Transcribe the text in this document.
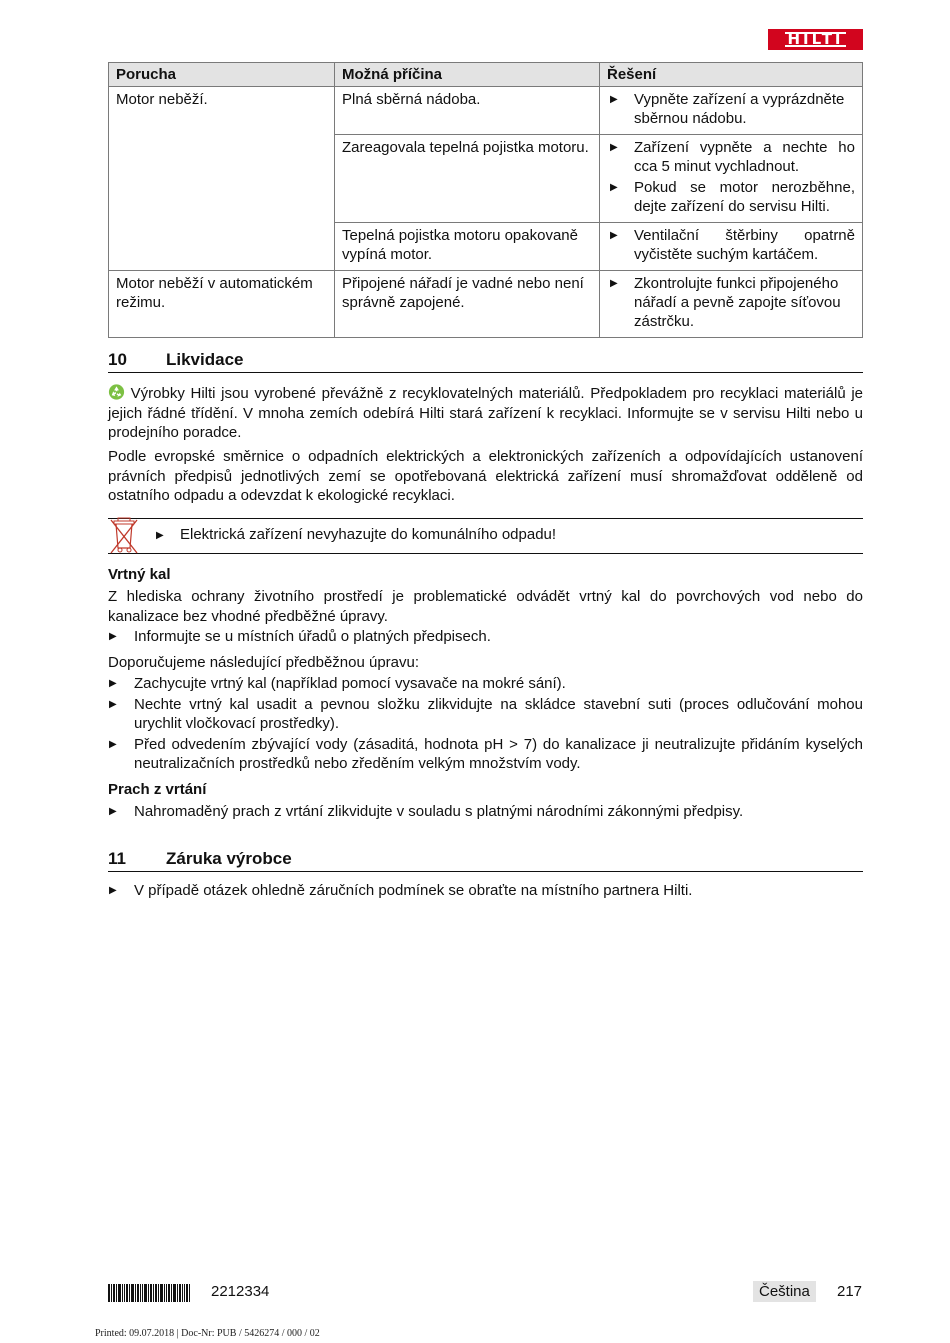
HILTI
Porucha	Možná příčina	Řešení
Motor neběží.	Plná sběrná nádoba.	▶ Vypněte zařízení a vyprázdněte sběrnou nádobu.

	Zareagovala tepelná pojistka motoru.	▶ Zařízení vypněte a nechte ho cca 5 minut vychladnout.
▶ Pokud se motor nerozběhne, dejte zařízení do servisu Hilti.

	Tepelná pojistka motoru opakovaně vypíná motor.	▶ Ventilační štěrbiny opatrně vyčistěte suchým kartáčem.

Motor neběží v automatickém režimu.	Připojené nářadí je vadné nebo není správně zapojené.	▶ Zkontrolujte funkci připojeného nářadí a pevně zapojte síťovou zástrčku.
10 Likvidace
Výrobky Hilti jsou vyrobené převážně z recyklovatelných materiálů. Předpokladem pro recyklaci materiálů je jejich řádné třídění. V mnoha zemích odebírá Hilti stará zařízení k recyklaci. Informujte se v servisu Hilti nebo u prodejního poradce.
Podle evropské směrnice o odpadních elektrických a elektronických zařízeních a odpovídajících ustanovení právních předpisů jednotlivých zemí se opotřebovaná elektrická zařízení musí shromažďovat odděleně od ostatního odpadu a odevzdat k ekologické recyklaci.
▶	Elektrická zařízení nevyhazujte do komunálního odpadu!
Vrtný kal
Z hlediska ochrany životního prostředí je problematické odvádět vrtný kal do povrchových vod nebo do kanalizace bez vhodné předběžné úpravy.
▶	Informujte se u místních úřadů o platných předpisech.
Doporučujeme následující předběžnou úpravu:
▶	Zachycujte vrtný kal (například pomocí vysavače na mokré sání).
▶	Nechte vrtný kal usadit a pevnou složku zlikvidujte na skládce stavební suti (proces odlučování mohou urychlit vločkovací prostředky).
▶	Před odvedením zbývající vody (zásaditá, hodnota pH > 7) do kanalizace ji neutralizujte přidáním kyselých neutralizačních prostředků nebo zředěním velkým množstvím vody.
Prach z vrtání
▶	Nahromaděný prach z vrtání zlikvidujte v souladu s platnými národními zákonnými předpisy.
11 Záruka výrobce
▶	V případě otázek ohledně záručních podmínek se obraťte na místního partnera Hilti.
2212334	Čeština	217
Printed: 09.07.2018 | Doc-Nr: PUB / 5426274 / 000 / 02
